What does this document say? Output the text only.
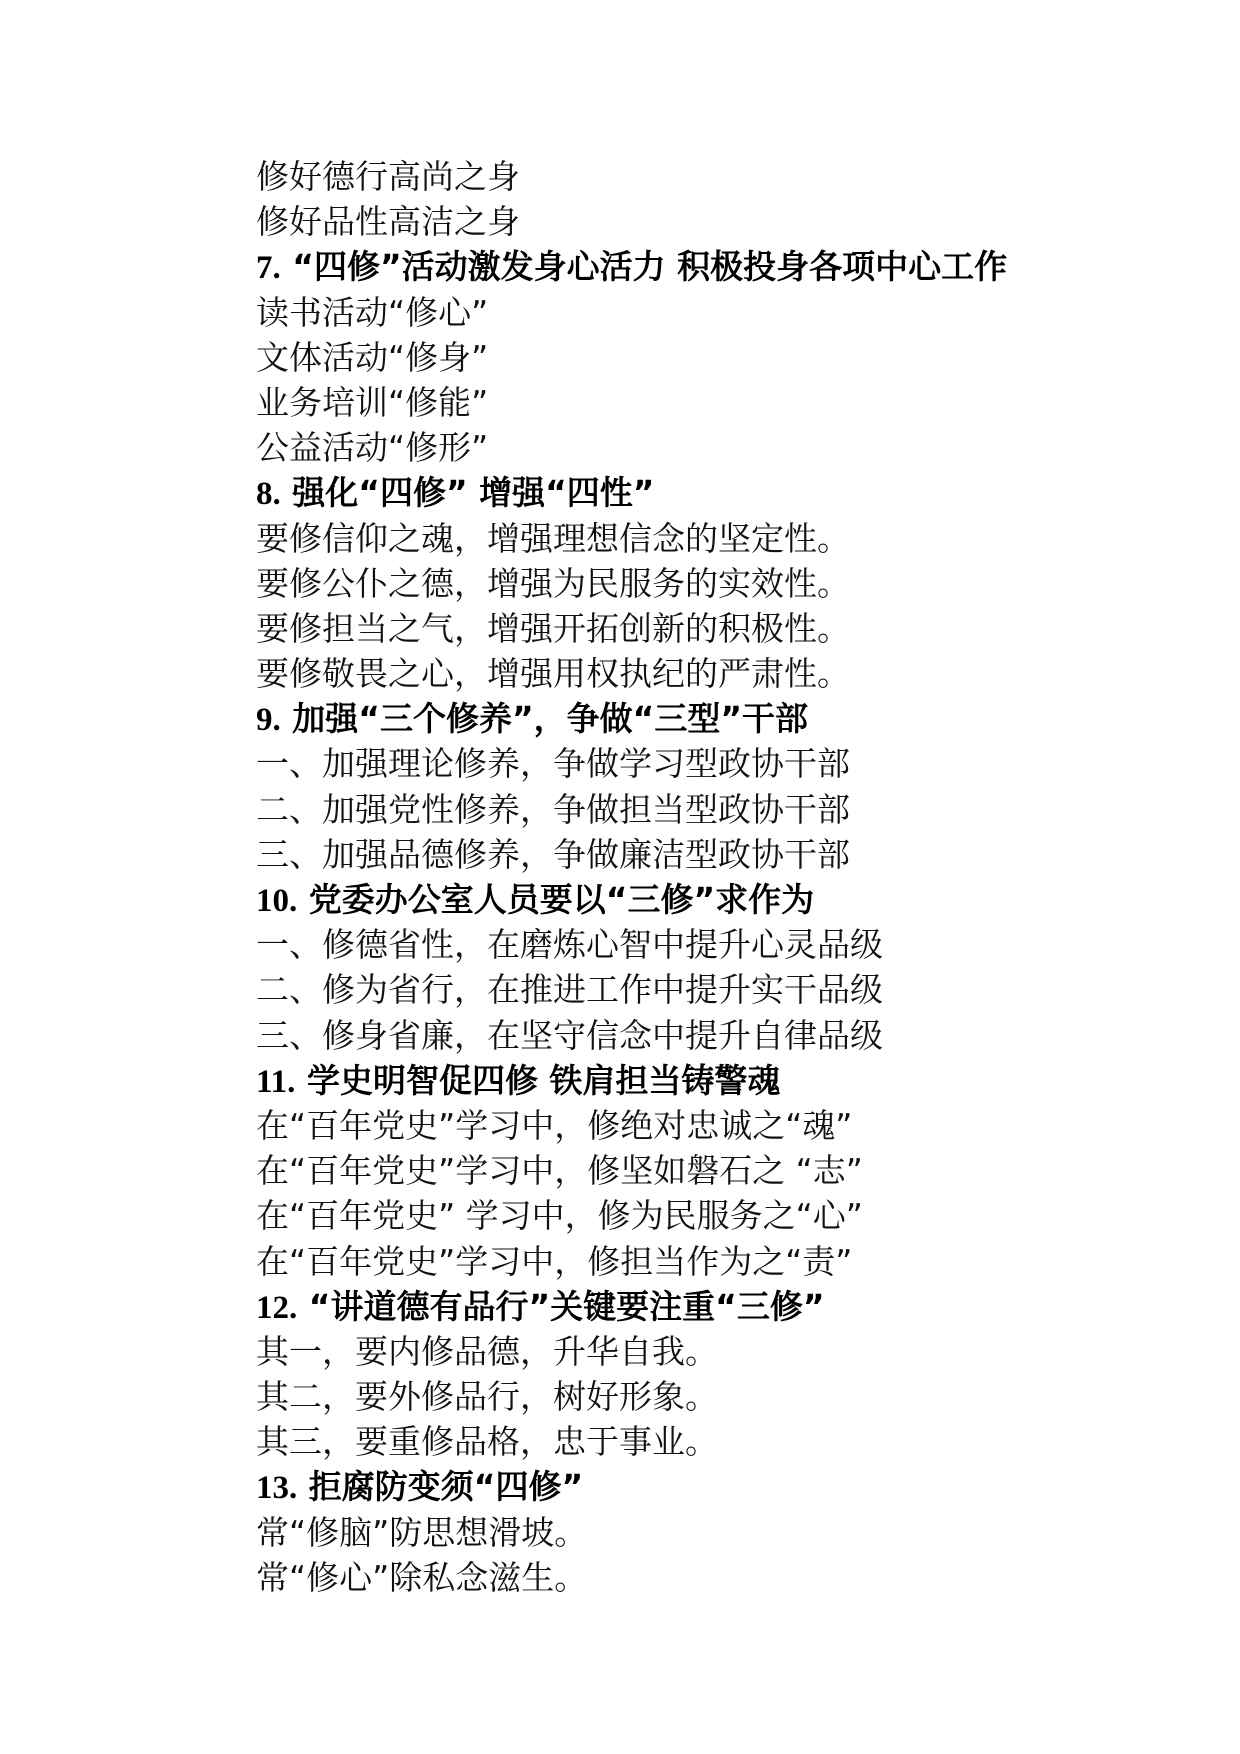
修好德行高尚之身
修好品性高洁之身
7. “四修”活动激发身心活力 积极投身各项中心工作
读书活动“修心”
文体活动“修身”
业务培训“修能”
公益活动“修形”
8. 强化“四修” 增强“四性”
要修信仰之魂，增强理想信念的坚定性。
要修公仆之德，增强为民服务的实效性。
要修担当之气，增强开拓创新的积极性。
要修敬畏之心，增强用权执纪的严肃性。
9. 加强“三个修养”，争做“三型”干部
一、加强理论修养，争做学习型政协干部
二、加强党性修养，争做担当型政协干部
三、加强品德修养，争做廉洁型政协干部
10. 党委办公室人员要以“三修”求作为
一、修德省性，在磨炼心智中提升心灵品级
二、修为省行，在推进工作中提升实干品级
三、修身省廉，在坚守信念中提升自律品级
11. 学史明智促四修 铁肩担当铸警魂
在“百年党史”学习中，修绝对忠诚之“魂”
在“百年党史”学习中，修坚如磐石之 “志”
在“百年党史” 学习中，修为民服务之“心”
在“百年党史”学习中，修担当作为之“责”
12. “讲道德有品行”关键要注重“三修”
其一，要内修品德，升华自我。
其二，要外修品行，树好形象。
其三，要重修品格，忠于事业。
13. 拒腐防变须“四修”
常“修脑”防思想滑坡。
常“修心”除私念滋生。
